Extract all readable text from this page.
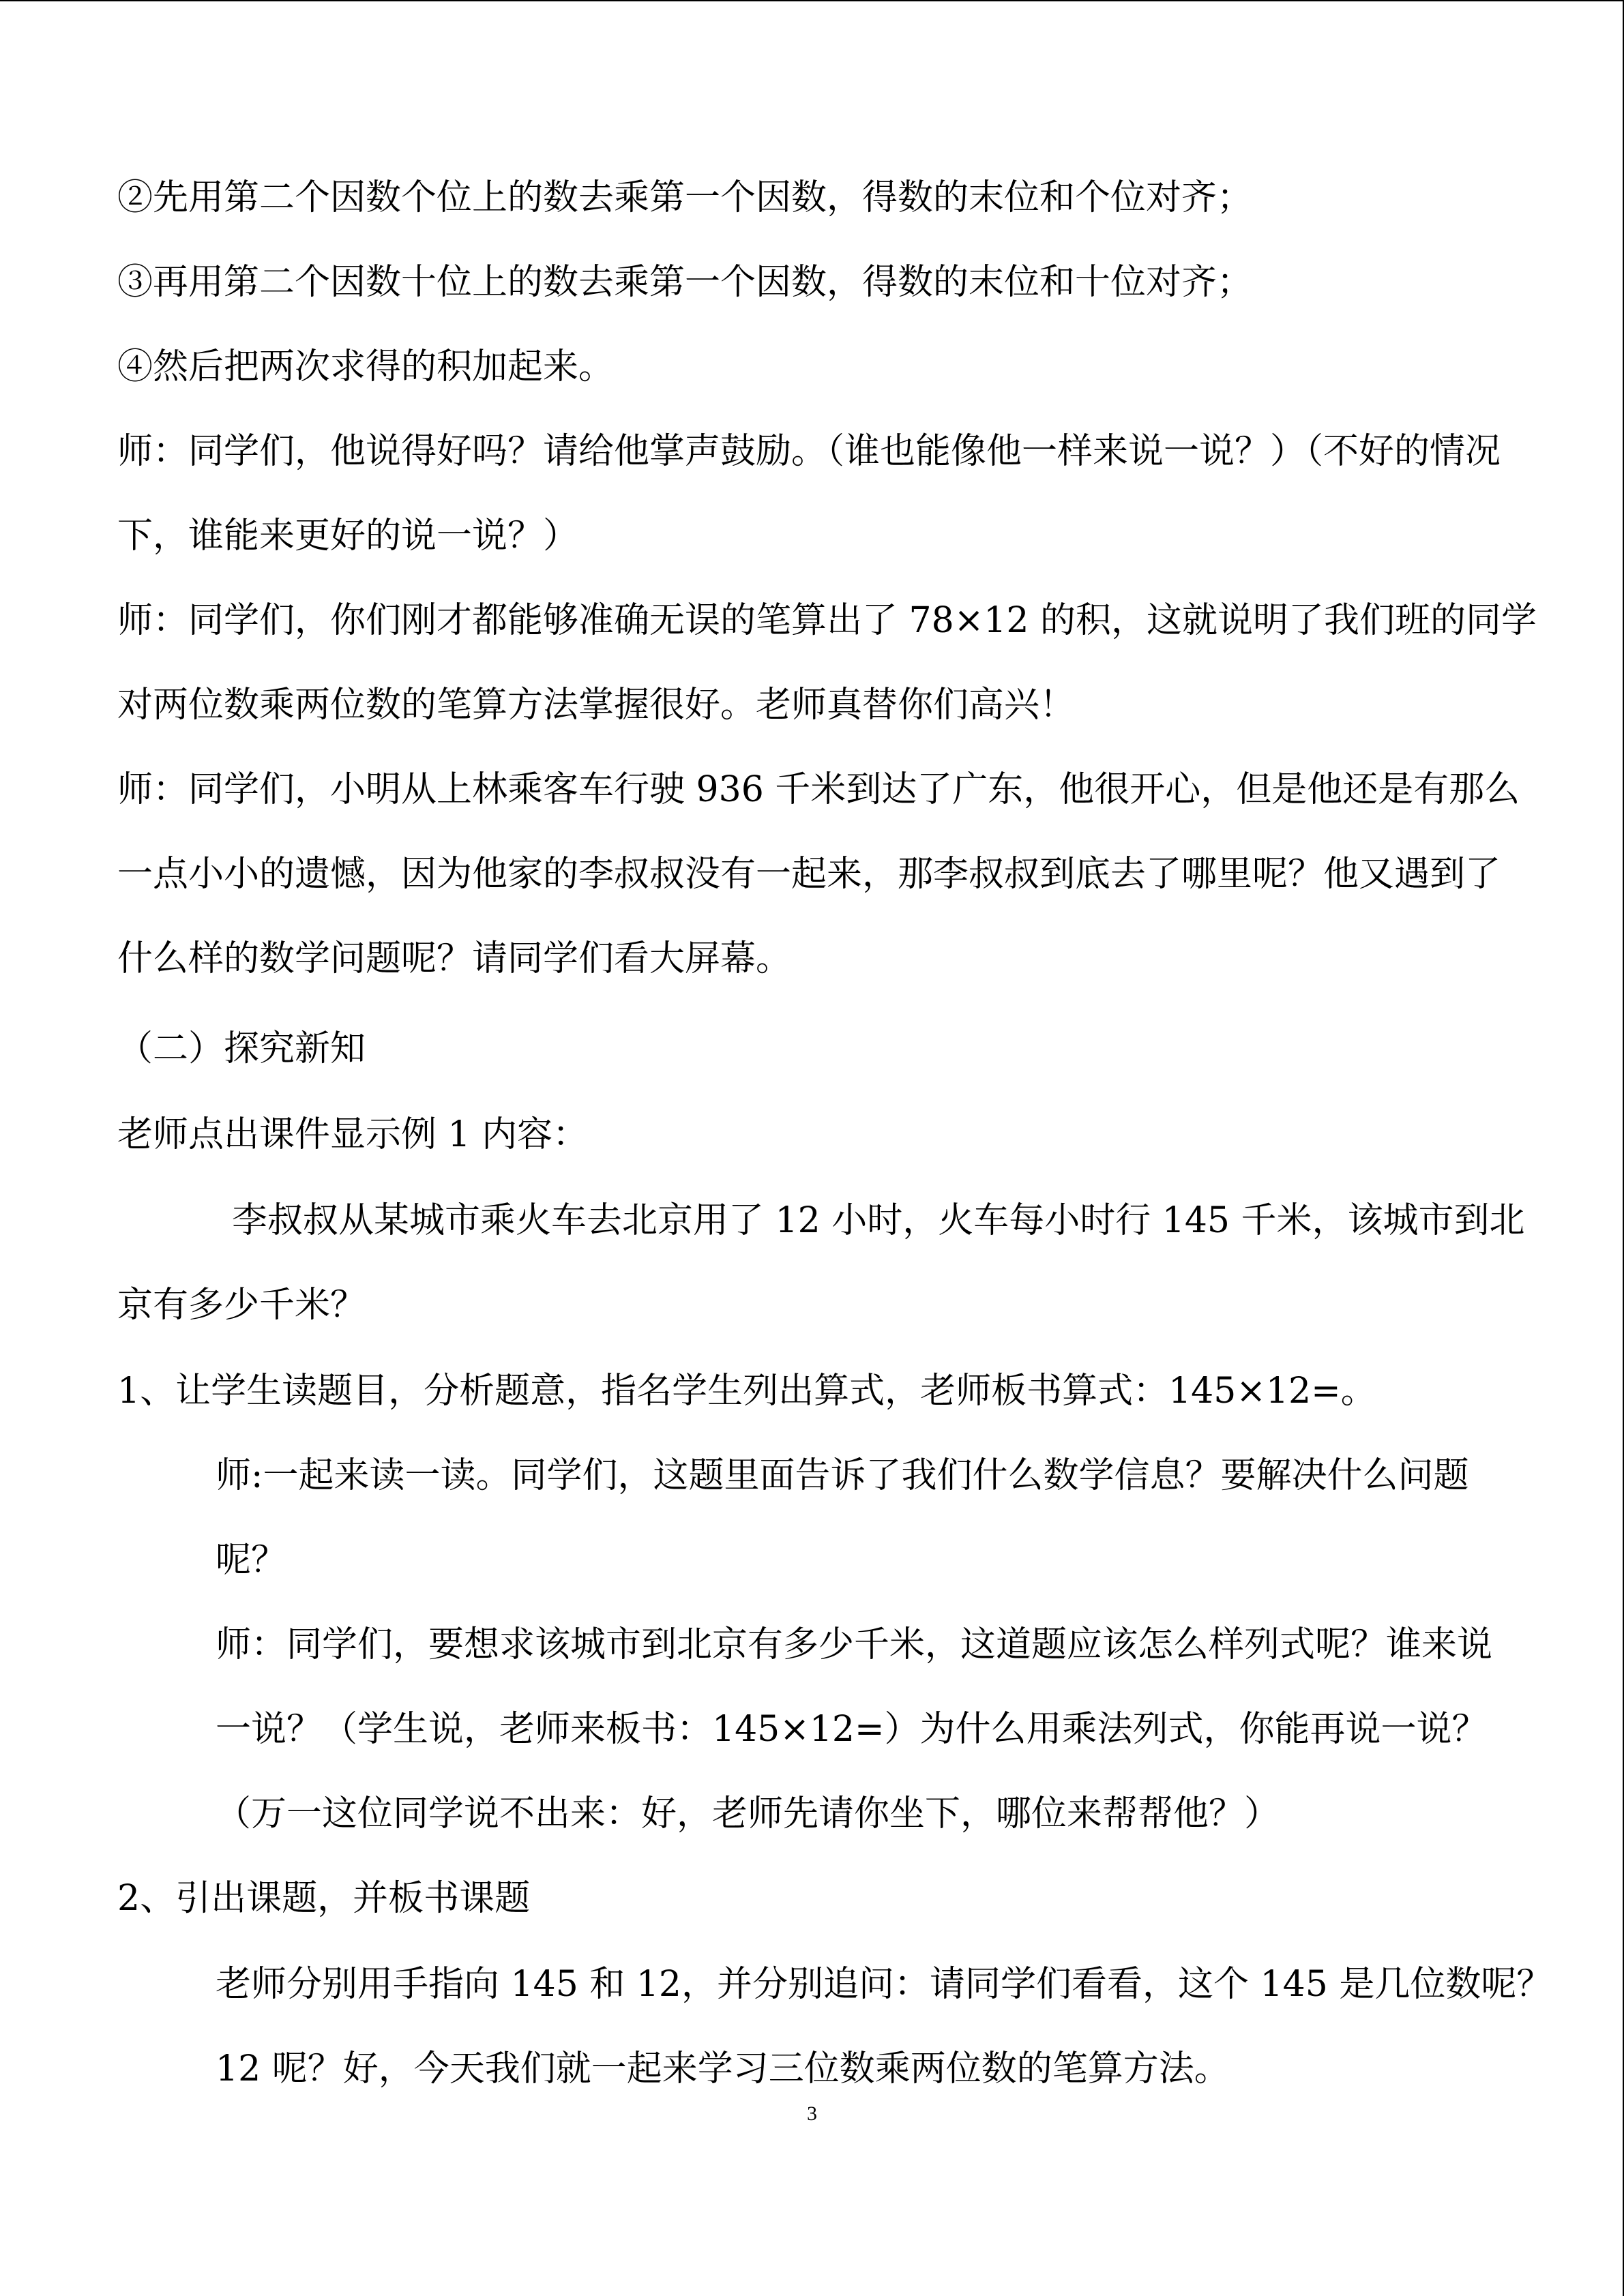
②先用第二个因数个位上的数去乘第一个因数，得数的末位和个位对齐；

③再用第二个因数十位上的数去乘第一个因数，得数的末位和十位对齐；

④然后把两次求得的积加起来。

师：同学们，他说得好吗？请给他掌声鼓励。（谁也能像他一样来说一说？）（不好的情况

下，谁能来更好的说一说？）

师：同学们，你们刚才都能够准确无误的笔算出了 78×12 的积，这就说明了我们班的同学

对两位数乘两位数的笔算方法掌握很好。老师真替你们高兴！

师：同学们，小明从上林乘客车行驶 936 千米到达了广东，他很开心，但是他还是有那么

一点小小的遗憾，因为他家的李叔叔没有一起来，那李叔叔到底去了哪里呢？他又遇到了

什么样的数学问题呢？请同学们看大屏幕。

（二）探究新知

老师点出课件显示例 1 内容：

李叔叔从某城市乘火车去北京用了 12 小时，火车每小时行 145 千米，该城市到北

京有多少千米？

1、让学生读题目，分析题意，指名学生列出算式，老师板书算式：145×12=。

师:一起来读一读。同学们，这题里面告诉了我们什么数学信息？要解决什么问题

呢？

师：同学们，要想求该城市到北京有多少千米，这道题应该怎么样列式呢？谁来说

一说？（学生说，老师来板书：145×12=）为什么用乘法列式，你能再说一说？

（万一这位同学说不出来：好，老师先请你坐下，哪位来帮帮他？）

2、引出课题，并板书课题

老师分别用手指向 145 和 12，并分别追问：请同学们看看，这个 145 是几位数呢？

12 呢？好，今天我们就一起来学习三位数乘两位数的笔算方法。

3
